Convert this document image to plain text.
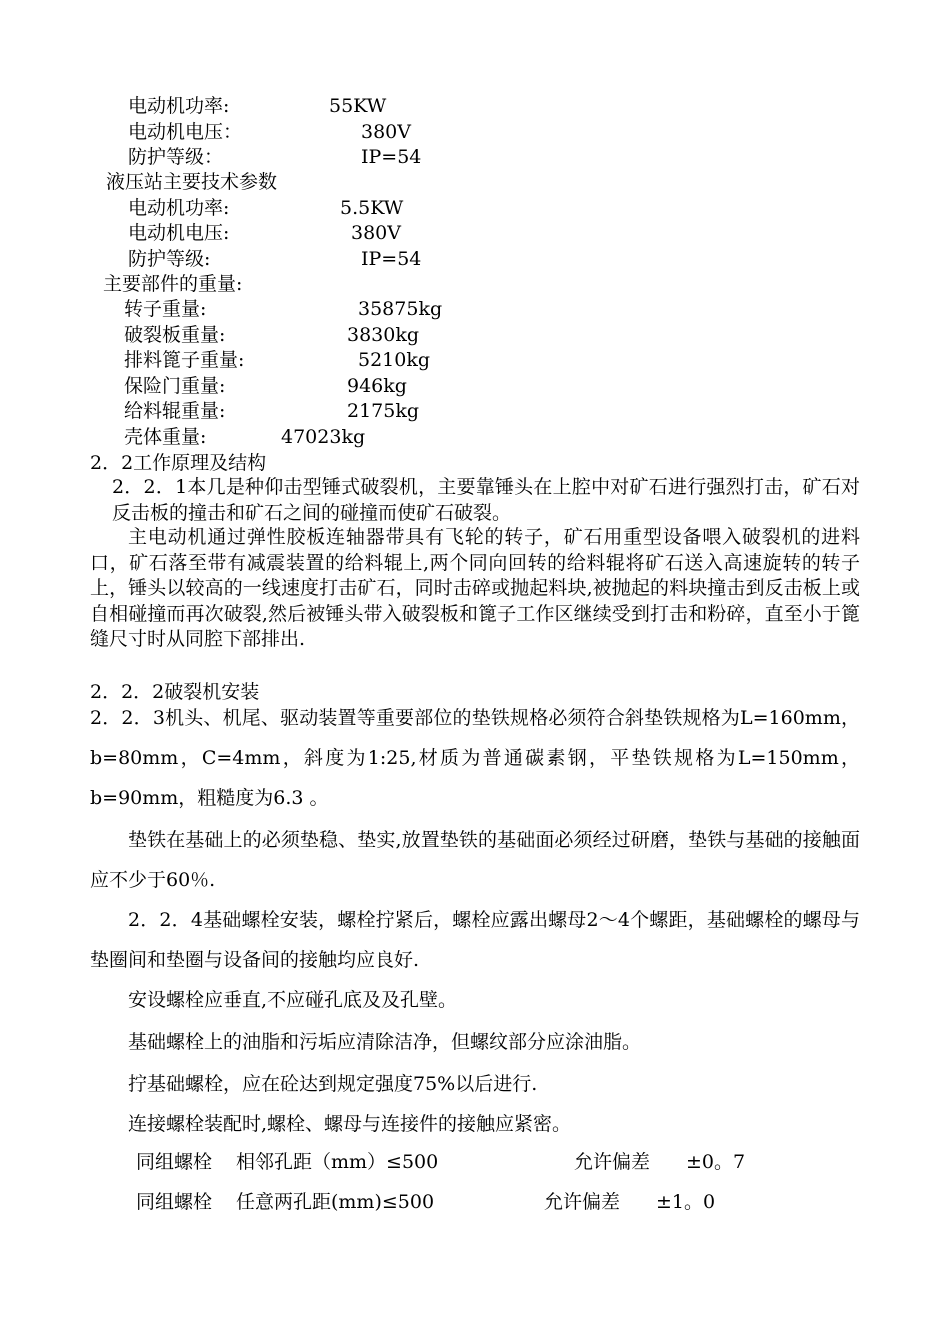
电动机功率:	55KW
电动机电压：	380V
防护等级：	IP=54
液压站主要技术参数
电动机功率:	5.5KW
电动机电压:	380V
防护等级:	IP=54
主要部件的重量:
转子重量:	35875kg
破裂板重量:	3830kg
排料篦子重量:	5210kg
保险门重量:	946kg
给料辊重量:	2175kg
壳体重量:	47023kg
2．2工作原理及结构
2．2．1本几是种仰击型锤式破裂机，主要靠锤头在上腔中对矿石进行强烈打击，矿石对反击板的撞击和矿石之间的碰撞而使矿石破裂。
主电动机通过弹性胶板连轴器带具有飞轮的转子，矿石用重型设备喂入破裂机的进料口，矿石落至带有减震装置的给料辊上,两个同向回转的给料辊将矿石送入高速旋转的转子上，锤头以较高的一线速度打击矿石，同时击碎或抛起料块,被抛起的料块撞击到反击板上或自相碰撞而再次破裂,然后被锤头带入破裂板和篦子工作区继续受到打击和粉碎，直至小于篦缝尺寸时从同腔下部排出.
2．2．2破裂机安装
2．2．3机头、机尾、驱动装置等重要部位的垫铁规格必须符合斜垫铁规格为L=160mm，b=80mm，C=4mm，斜度为1:25,材质为普通碳素钢，平垫铁规格为L=150mm，b=90mm，粗糙度为6.3 。
垫铁在基础上的必须垫稳、垫实,放置垫铁的基础面必须经过研磨，垫铁与基础的接触面应不少于60％.
2．2．4基础螺栓安装，螺栓拧紧后，螺栓应露出螺母2～4个螺距，基础螺栓的螺母与垫圈间和垫圈与设备间的接触均应良好.
安设螺栓应垂直,不应碰孔底及及孔壁。
基础螺栓上的油脂和污垢应清除洁净，但螺纹部分应涂油脂。
拧基础螺栓，应在砼达到规定强度75%以后进行.
连接螺栓装配时,螺栓、螺母与连接件的接触应紧密。
同组螺栓 相邻孔距（mm）≤500	允许偏差 ±0。7
同组螺栓 任意两孔距(mm)≤500	允许偏差 ±1。0
